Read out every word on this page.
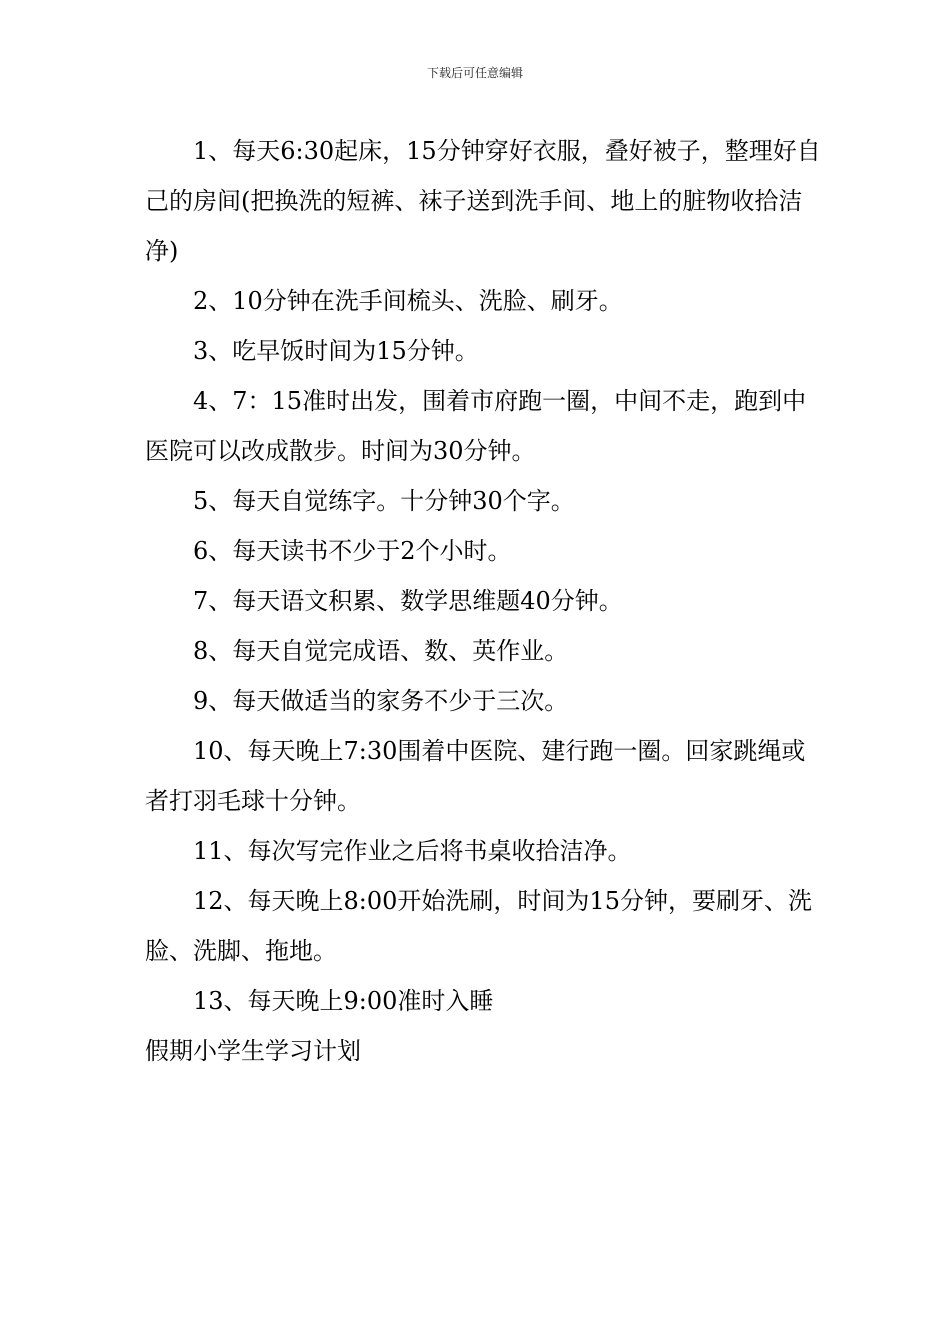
下载后可任意编辑

1、每天6:30起床，15分钟穿好衣服，叠好被子，整理好自己的房间(把换洗的短裤、袜子送到洗手间、地上的脏物收拾洁净)

2、10分钟在洗手间梳头、洗脸、刷牙。

3、吃早饭时间为15分钟。

4、7：15准时出发，围着市府跑一圈，中间不走，跑到中医院可以改成散步。时间为30分钟。

5、每天自觉练字。十分钟30个字。

6、每天读书不少于2个小时。

7、每天语文积累、数学思维题40分钟。

8、每天自觉完成语、数、英作业。

9、每天做适当的家务不少于三次。

10、每天晚上7:30围着中医院、建行跑一圈。回家跳绳或者打羽毛球十分钟。

11、每次写完作业之后将书桌收拾洁净。

12、每天晚上8:00开始洗刷，时间为15分钟，要刷牙、洗脸、洗脚、拖地。

13、每天晚上9:00准时入睡

假期小学生学习计划
